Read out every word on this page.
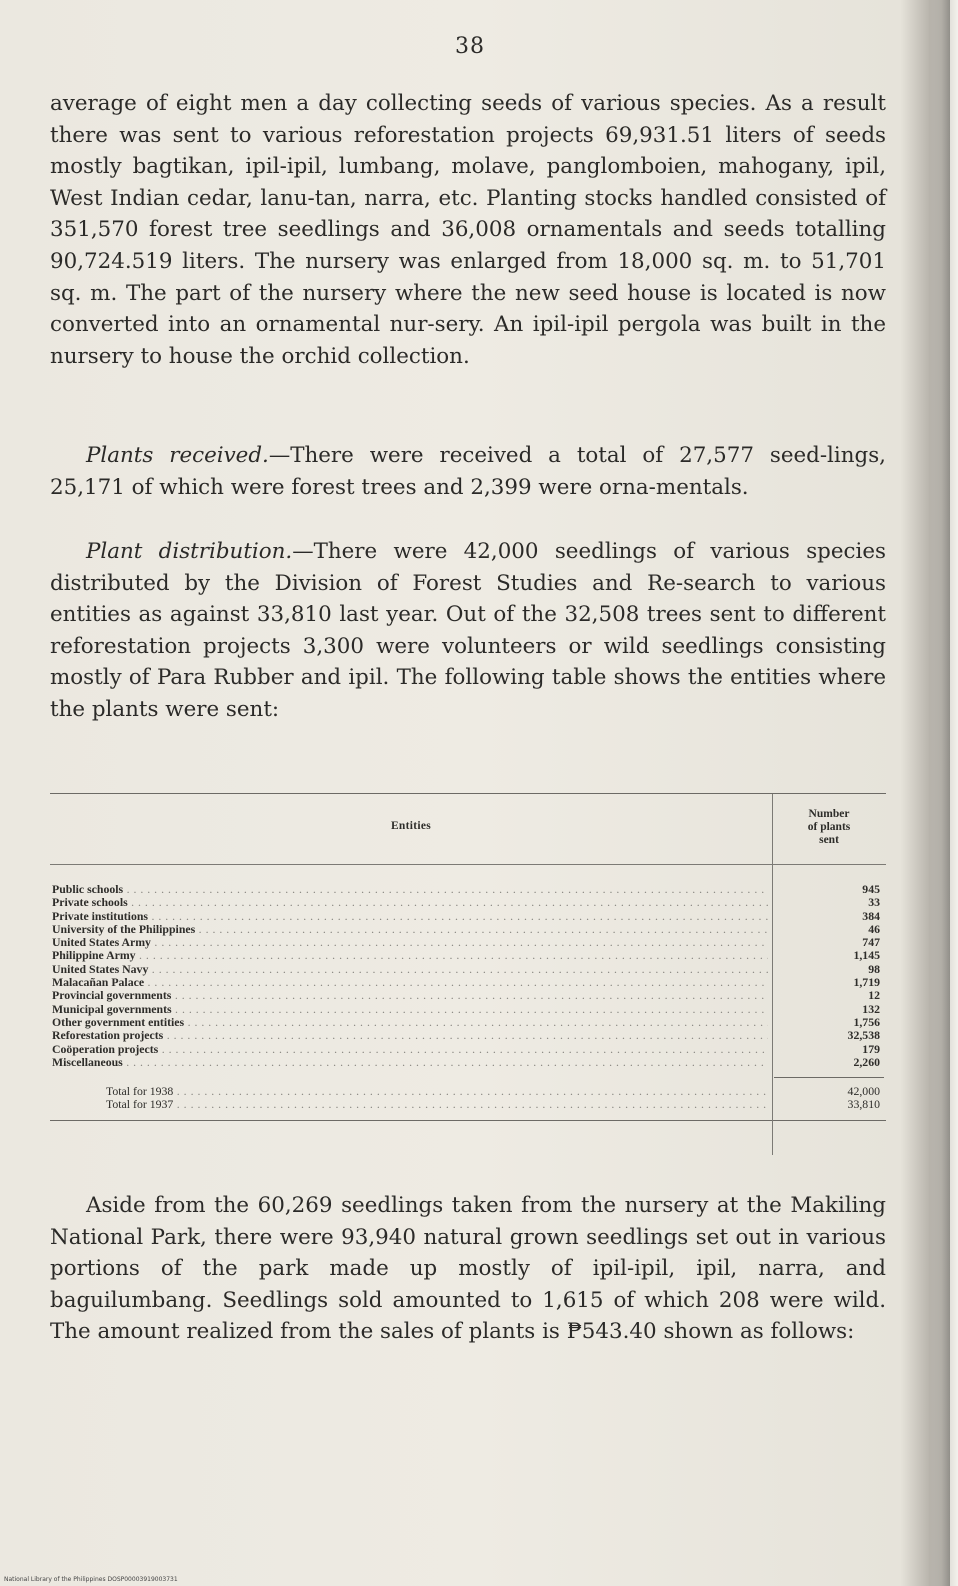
38

average of eight men a day collecting seeds of various species. As a result there was sent to various reforestation projects 69,931.51 liters of seeds mostly bagtikan, ipil-ipil, lumbang, molave, panglomboien, mahogany, ipil, West Indian cedar, lanu-tan, narra, etc. Planting stocks handled consisted of 351,570 forest tree seedlings and 36,008 ornamentals and seeds totalling 90,724.519 liters. The nursery was enlarged from 18,000 sq. m. to 51,701 sq. m. The part of the nursery where the new seed house is located is now converted into an ornamental nur-sery. An ipil-ipil pergola was built in the nursery to house the orchid collection.

Plants received.—There were received a total of 27,577 seed-lings, 25,171 of which were forest trees and 2,399 were orna-mentals.

Plant distribution.—There were 42,000 seedlings of various species distributed by the Division of Forest Studies and Re-search to various entities as against 33,810 last year. Out of the 32,508 trees sent to different reforestation projects 3,300 were volunteers or wild seedlings consisting mostly of Para Rubber and ipil. The following table shows the entities where the plants were sent:

Entities
Number
of plants
sent
Public schools . . .	945
Private schools . . .	33
Private institutions . . .	384
University of the Philippines . . .	46
United States Army . . .	747
Philippine Army . . .	1,145
United States Navy . . .	98
Malacañan Palace . . .	1,719
Provincial governments . . .	12
Municipal governments . . .	132
Other government entities . . .	1,756
Reforestation projects . . .	32,538
Coöperation projects . . .	179
Miscellaneous . . .	2,260
Total for 1938 . . .	42,000
Total for 1937 . . .	33,810

Aside from the 60,269 seedlings taken from the nursery at the Makiling National Park, there were 93,940 natural grown seedlings set out in various portions of the park made up mostly of ipil-ipil, ipil, narra, and baguilumbang. Seedlings sold amounted to 1,615 of which 208 were wild. The amount realized from the sales of plants is ₱543.40 shown as follows:

National Library of the Philippines DOSP00003919003731
